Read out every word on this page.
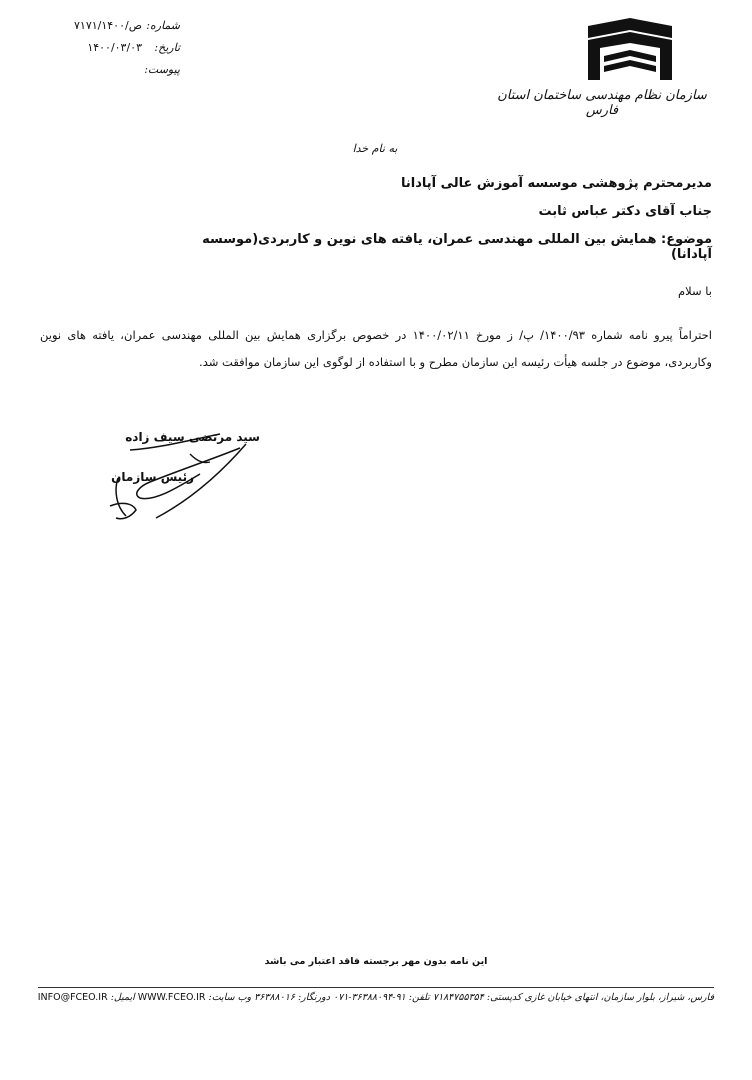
شماره:
ص/۷۱۷۱/۱۴۰۰
تاریخ:
۱۴۰۰/۰۳/۰۳
پیوست:
سازمان نظام مهندسی ساختمان استان فارس
به نام خدا
مدیرمحترم پژوهشی موسسه آموزش عالی آپادانا
جناب آقای دکتر عباس ثابت
موضوع: همایش بین المللی مهندسی عمران، یافته های نوین و کاربردی(موسسه آپادانا)
با سلام
احتراماً پیرو نامه شماره ۱۴۰۰/۹۳/ پ/ ز مورخ ۱۴۰۰/۰۲/۱۱ در خصوص برگزاری همایش بین المللی مهندسی عمران، یافته های نوین وکاربردی، موضوع در جلسه هیأت رئیسه این سازمان مطرح و با استفاده از لوگوی این سازمان موافقت شد.
سید مرتضی سیف زاده
رئیس سازمان
این نامه بدون مهر برجسته فاقد اعتبار می باشد
فارس، شیراز، بلوار سازمان، انتهای خیابان غازی کدپستی: ۷۱۸۴۷۵۵۳۵۴ تلفن: ۹۱-۳۶۳۸۸۰۹۴-۰۷۱ دورنگار: ۳۶۳۸۸۰۱۶ وب سایت: WWW.FCEO.IR ایمیل: INFO@FCEO.IR
